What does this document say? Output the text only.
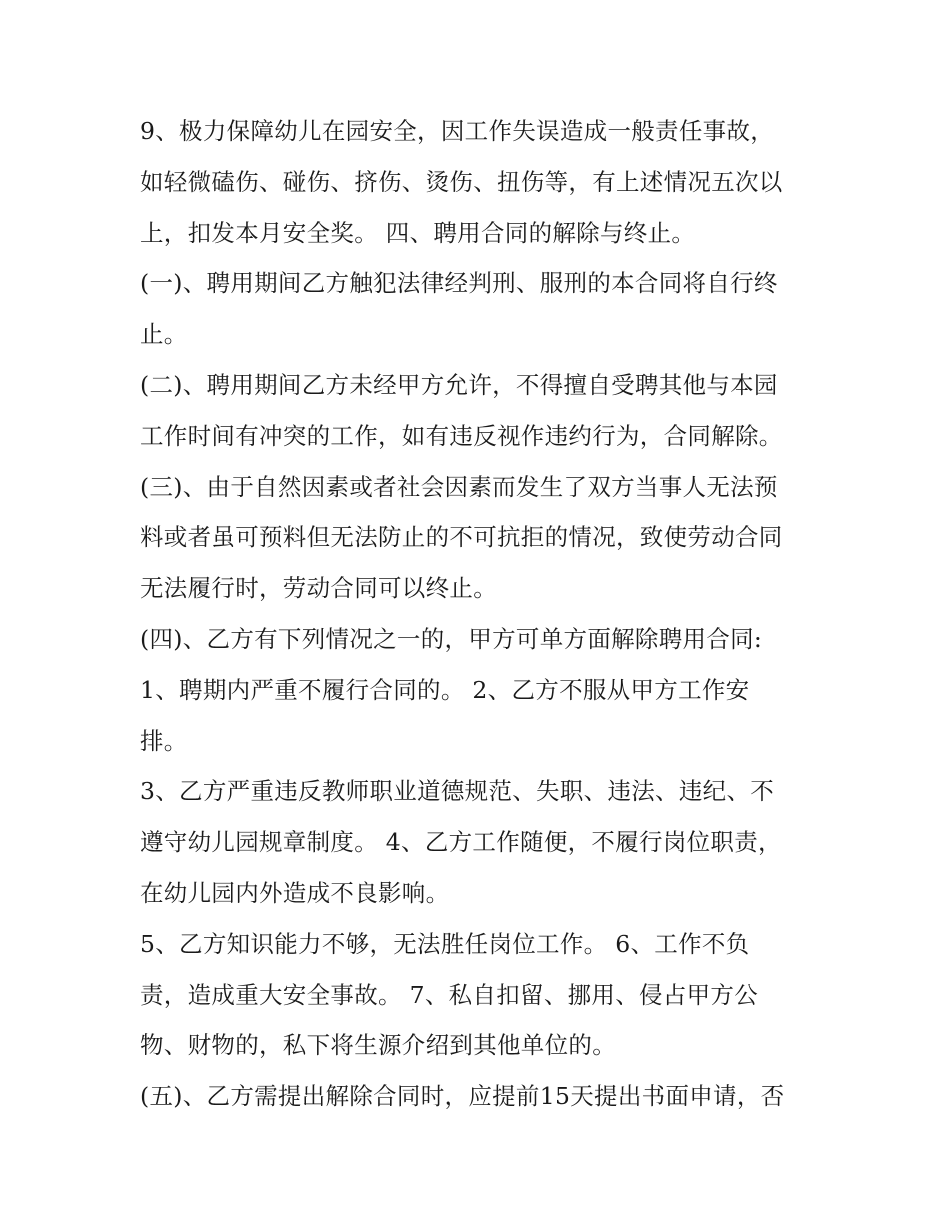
9、极力保障幼儿在园安全，因工作失误造成一般责任事故，
如轻微磕伤、碰伤、挤伤、烫伤、扭伤等，有上述情况五次以
上，扣发本月安全奖。 四、聘用合同的解除与终止。
(一)、聘用期间乙方触犯法律经判刑、服刑的本合同将自行终
止。
(二)、聘用期间乙方未经甲方允许，不得擅自受聘其他与本园
工作时间有冲突的工作，如有违反视作违约行为，合同解除。
(三)、由于自然因素或者社会因素而发生了双方当事人无法预
料或者虽可预料但无法防止的不可抗拒的情况，致使劳动合同
无法履行时，劳动合同可以终止。
(四)、乙方有下列情况之一的，甲方可单方面解除聘用合同:
1、聘期内严重不履行合同的。 2、乙方不服从甲方工作安
排。
3、乙方严重违反教师职业道德规范、失职、违法、违纪、不
遵守幼儿园规章制度。 4、乙方工作随便，不履行岗位职责，
在幼儿园内外造成不良影响。
5、乙方知识能力不够，无法胜任岗位工作。 6、工作不负
责，造成重大安全事故。 7、私自扣留、挪用、侵占甲方公
物、财物的，私下将生源介绍到其他单位的。
(五)、乙方需提出解除合同时，应提前15天提出书面申请，否
